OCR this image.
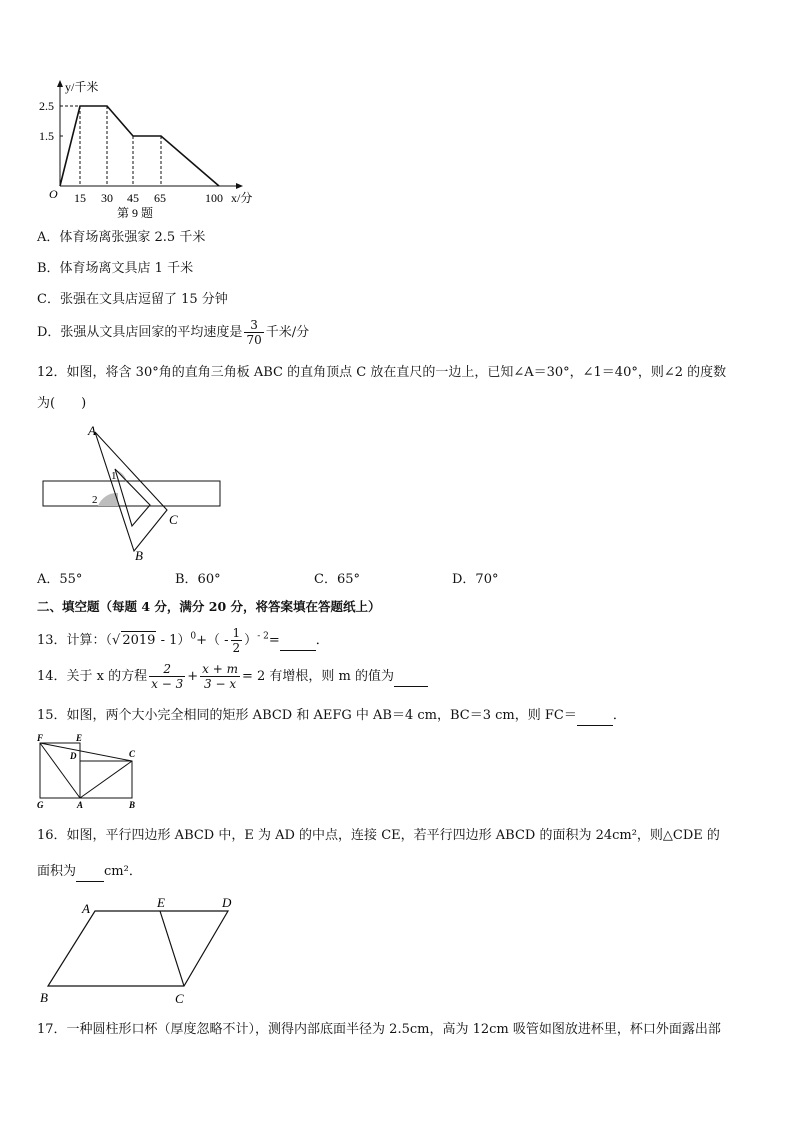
y/千米
2.5
1.5
O 15 30 45 65	100 x/分
第 9 题
A．体育场离张强家 2.5 千米
B．体育场离文具店 1 千米
C．张强在文具店逗留了 15 分钟
D．张强从文具店回家的平均速度是 $\frac{3}{70}$ 千米/分
12．如图，将含 30°角的直角三角板 ABC 的直角顶点 C 放在直尺的一边上，已知∠A＝30°，∠1＝40°，则∠2 的度数
为(　　)
A
1
2
C
B
A．55°	B．60°	C．65°	D．70°
二、填空题（每题 4 分，满分 20 分，将答案填在答题纸上）
13．计算：（√ $2019 - 1)^0+( - \frac{1}{2} )^{- 2}=$	．
14．关于 x 的方程 $\frac{2}{x - 3} + \frac{x + m}{3 - x} = 2$ 有增根，则 m 的值为
15．如图，两个大小完全相同的矩形 ABCD 和 AEFG 中 AB＝4 cm，BC＝3 cm，则 FC＝	．
F	E
D	C
G	A	B
16．如图，平行四边形 ABCD 中，E 为 AD 的中点，连接 CE，若平行四边形 ABCD 的面积为 24cm²，则△CDE 的
面积为 cm²．
A	E	D
B	C
17．一种圆柱形口杯（厚度忽略不计），测得内部底面半径为 2.5cm，高为 12cm 吸管如图放进杯里，杯口外面露出部
